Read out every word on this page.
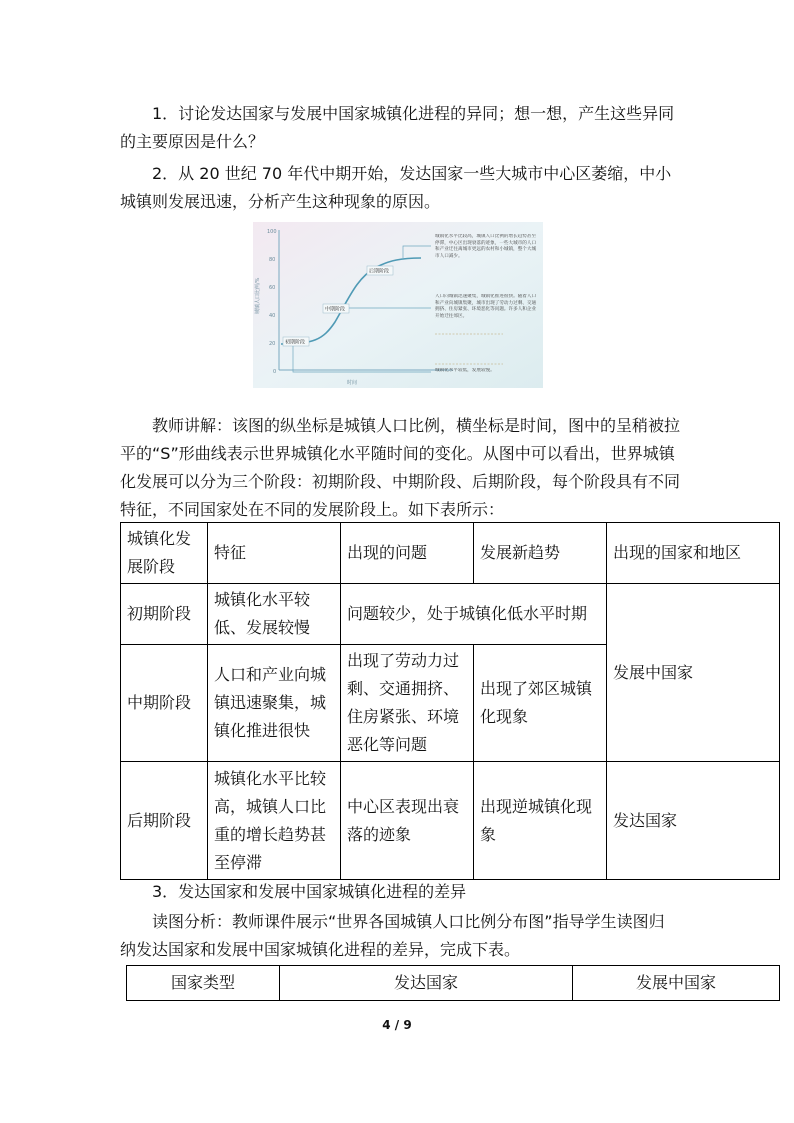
1．讨论发达国家与发展中国家城镇化进程的异同；想一想，产生这些异同的主要原因是什么？

2．从 20 世纪 70 年代中期开始，发达国家一些大城市中心区萎缩，中小城镇则发展迅速，分析产生这种现象的原因。

100
80
60
40
20
0
城镇人口比例/%
时间
初期阶段
中期阶段
后期阶段
城镇化水平比较高，城镇人口比例的增长趋势甚至停滞，中心区出现衰落的迹象，一些大城市的人口和产业迁往离城市更远的农村和小城镇，整个大城市人口减少。
人口向城镇迅速聚集，城镇化推进很快。随着人口和产业向城镇集聚，城市出现了劳动力过剩、交通拥挤、住房紧张、环境恶化等问题。许多人和企业开始迁往郊区。
城镇化水平较低，发展较慢。

教师讲解：该图的纵坐标是城镇人口比例，横坐标是时间，图中的呈稍被拉平的“S”形曲线表示世界城镇化水平随时间的变化。从图中可以看出，世界城镇化发展可以分为三个阶段：初期阶段、中期阶段、后期阶段，每个阶段具有不同特征，不同国家处在不同的发展阶段上。如下表所示：

城镇化发展阶段	特征	出现的问题	发展新趋势	出现的国家和地区
初期阶段	城镇化水平较低、发展较慢	问题较少，处于城镇化低水平时期		发展中国家
中期阶段	人口和产业向城镇迅速聚集，城镇化推进很快	出现了劳动力过剩、交通拥挤、住房紧张、环境恶化等问题	出现了郊区城镇化现象	
后期阶段	城镇化水平比较高，城镇人口比重的增长趋势甚至停滞	中心区表现出衰落的迹象	出现逆城镇化现象	发达国家

3．发达国家和发展中国家城镇化进程的差异

读图分析：教师课件展示“世界各国城镇人口比例分布图”指导学生读图归纳发达国家和发展中国家城镇化进程的差异，完成下表。

国家类型	发达国家	发展中国家
4 / 9
